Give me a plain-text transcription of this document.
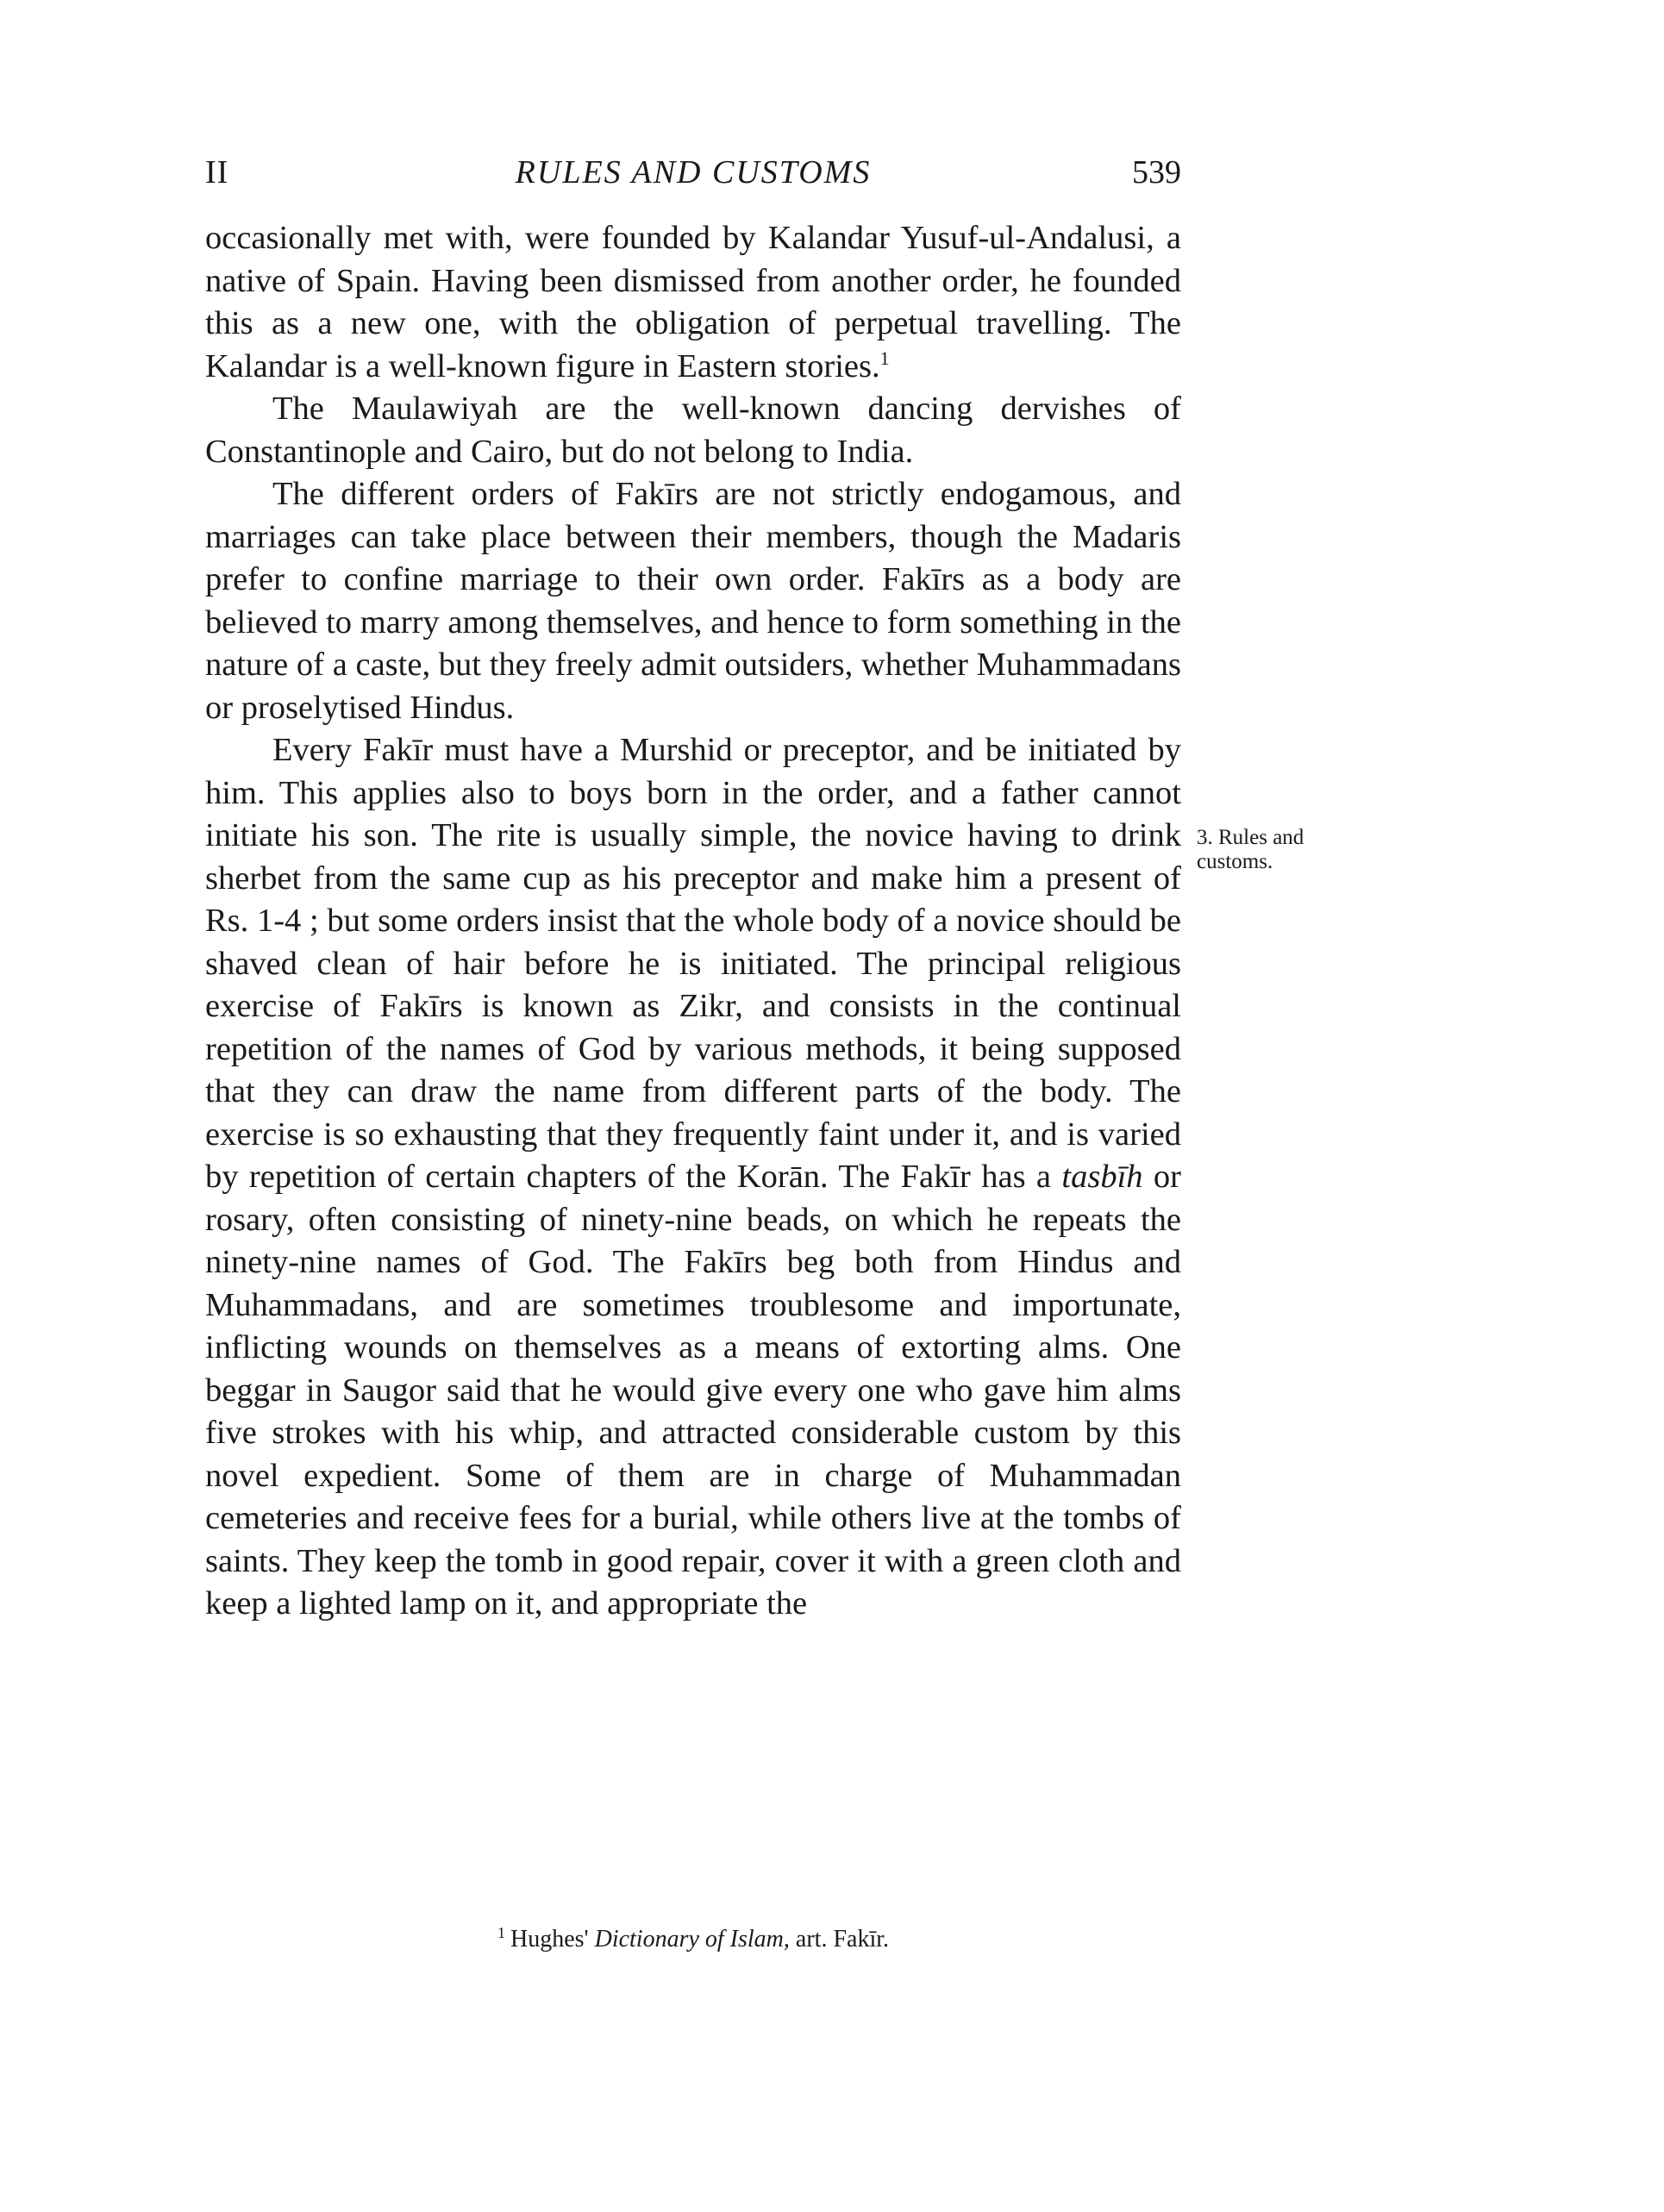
II	RULES AND CUSTOMS	539

occasionally met with, were founded by Kalandar Yusuf-ul-Andalusi, a native of Spain. Having been dismissed from another order, he founded this as a new one, with the obligation of perpetual travelling. The Kalandar is a well-known figure in Eastern stories.$^1$

The Maulawiyah are the well-known dancing dervishes of Constantinople and Cairo, but do not belong to India.

The different orders of Fakīrs are not strictly endogamous, and marriages can take place between their members, though the Madaris prefer to confine marriage to their own order. Fakīrs as a body are believed to marry among themselves, and hence to form something in the nature of a caste, but they freely admit outsiders, whether Muhammadans or proselytised Hindus.

Every Fakīr must have a Murshid or preceptor, and be initiated by him. This applies also to boys born in the order, and a father cannot initiate his son. The rite is usually simple, the novice having to drink sherbet from the same cup as his preceptor and make him a present of Rs. 1-4 ; but some orders insist that the whole body of a novice should be shaved clean of hair before he is initiated. The principal religious exercise of Fakīrs is known as Zikr, and consists in the continual repetition of the names of God by various methods, it being supposed that they can draw the name from different parts of the body. The exercise is so exhausting that they frequently faint under it, and is varied by repetition of certain chapters of the Korān. The Fakīr has a tasbīh or rosary, often consisting of ninety-nine beads, on which he repeats the ninety-nine names of God. The Fakīrs beg both from Hindus and Muhammadans, and are sometimes troublesome and importunate, inflicting wounds on themselves as a means of extorting alms. One beggar in Saugor said that he would give every one who gave him alms five strokes with his whip, and attracted considerable custom by this novel expedient. Some of them are in charge of Muhammadan cemeteries and receive fees for a burial, while others live at the tombs of saints. They keep the tomb in good repair, cover it with a green cloth and keep a lighted lamp on it, and appropriate the

3. Rules and customs.
$^1$ Hughes' Dictionary of Islam, art. Fakīr.
